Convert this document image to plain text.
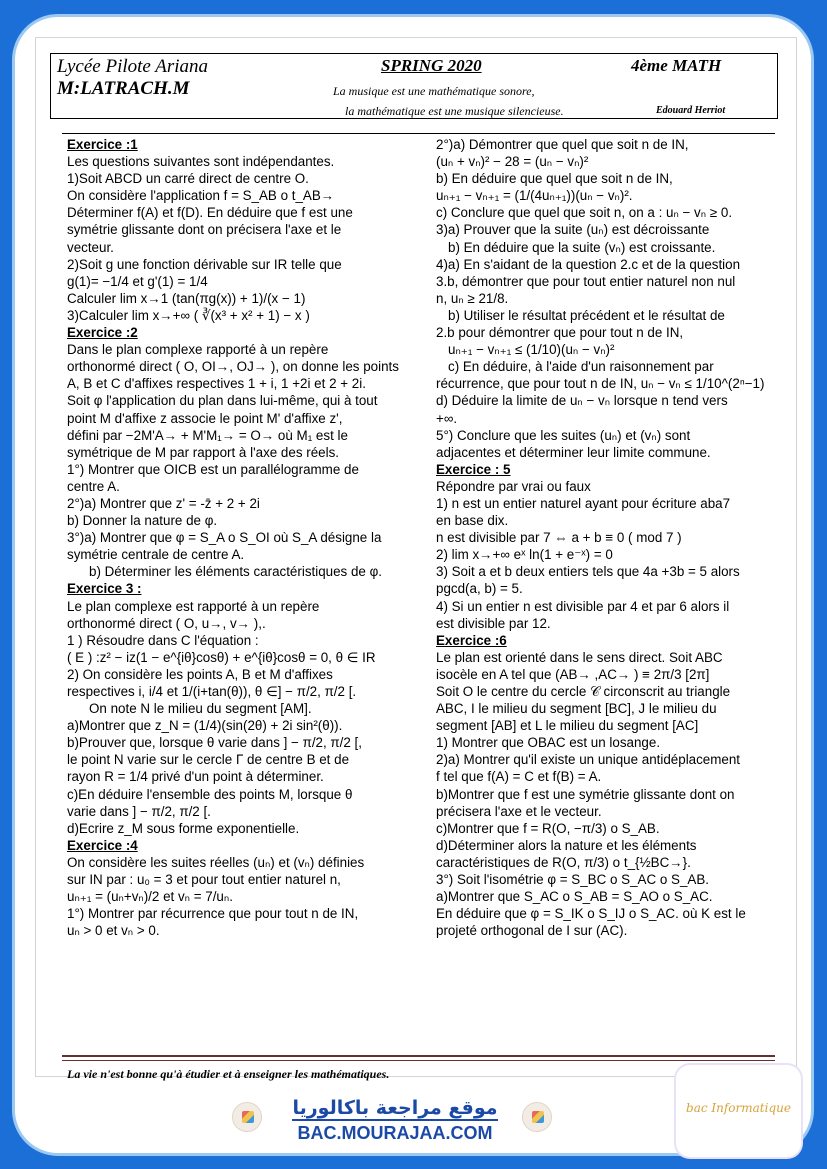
Lycée Pilote Ariana	SPRING 2020	4ème MATH
M:LATRACH.M	La musique est une mathématique sonore,
la mathématique est une musique silencieuse.	Edouard Herriot

Exercice :1

Les questions suivantes sont indépendantes.

1)Soit ABCD un carré direct de centre O.

On considère l'application f = S_AB o t_AB→

Déterminer f(A) et f(D). En déduire que f est une

symétrie glissante dont on précisera l'axe et le

vecteur.

2)Soit g une fonction dérivable sur IR telle que

g(1)= −1/4 et g'(1) = 1/4

Calculer lim x→1 (tan(πg(x)) + 1)/(x − 1)

3)Calculer lim x→+∞ ( ∛(x³ + x² + 1) − x )

Exercice :2

Dans le plan complexe rapporté à un repère

orthonormé direct ( O, OI→, OJ→ ), on donne les points

A, B et C d'affixes respectives 1 + i, 1 +2i et 2 + 2i.

Soit φ l'application du plan dans lui-même, qui à tout

point M d'affixe z associe le point M' d'affixe z',

défini par −2M'A→ + M'M₁→ = O→ où M₁ est le

symétrique de M par rapport à l'axe des réels.

1°) Montrer que OICB est un parallélogramme de

centre A.

2°)a) Montrer que z' = -z̄ + 2 + 2i

b) Donner la nature de φ.

3°)a) Montrer que φ = S_A o S_OI où S_A désigne la

symétrie centrale de centre A.

b) Déterminer les éléments caractéristiques de φ.

Exercice 3 :

Le plan complexe est rapporté à un repère

orthonormé direct ( O, u→, v→ ),.

1 ) Résoudre dans C l'équation :

( E ) :z² − iz(1 − e^{iθ}cosθ) + e^{iθ}cosθ = 0, θ ∈ IR

2) On considère les points A, B et M d'affixes

respectives i, i/4 et 1/(i+tan(θ)), θ ∈] − π/2, π/2 [.

On note N le milieu du segment [AM].

a)Montrer que z_N = (1/4)(sin(2θ) + 2i sin²(θ)).

b)Prouver que, lorsque θ varie dans ] − π/2, π/2 [,

le point N varie sur le cercle Γ de centre B et de

rayon R = 1/4 privé d'un point à déterminer.

c)En déduire l'ensemble des points M, lorsque θ

varie dans ] − π/2, π/2 [.

d)Ecrire z_M sous forme exponentielle.

Exercice :4

On considère les suites réelles (uₙ) et (vₙ) définies

sur IN par : u₀ = 3 et pour tout entier naturel n,

uₙ₊₁ = (uₙ+vₙ)/2 et vₙ = 7/uₙ.

1°) Montrer par récurrence que pour tout n de IN,

uₙ > 0 et vₙ > 0.

2°)a) Démontrer que quel que soit n de IN,

(uₙ + vₙ)² − 28 = (uₙ − vₙ)²

b) En déduire que quel que soit n de IN,

uₙ₊₁ − vₙ₊₁ = (1/(4uₙ₊₁))(uₙ − vₙ)².

c) Conclure que quel que soit n, on a : uₙ − vₙ ≥ 0.

3)a) Prouver que la suite (uₙ) est décroissante

b) En déduire que la suite (vₙ) est croissante.

4)a) En s'aidant de la question 2.c et de la question

3.b, démontrer que pour tout entier naturel non nul

n, uₙ ≥ 21/8.

b) Utiliser le résultat précédent et le résultat de

2.b pour démontrer que pour tout n de IN,

uₙ₊₁ − vₙ₊₁ ≤ (1/10)(uₙ − vₙ)²

c) En déduire, à l'aide d'un raisonnement par

récurrence, que pour tout n de IN, uₙ − vₙ ≤ 1/10^(2ⁿ−1)

d) Déduire la limite de uₙ − vₙ lorsque n tend vers

+∞.

5°) Conclure que les suites (uₙ) et (vₙ) sont

adjacentes et déterminer leur limite commune.

Exercice : 5

Répondre par vrai ou faux

1) n est un entier naturel ayant pour écriture aba7

en base dix.

n est divisible par 7 ⇔ a + b ≡ 0 ( mod 7 )

2) lim x→+∞ eˣ ln(1 + e⁻ˣ) = 0

3) Soit a et b deux entiers tels que 4a +3b = 5 alors

pgcd(a, b) = 5.

4) Si un entier n est divisible par 4 et par 6 alors il

est divisible par 12.

Exercice :6

Le plan est orienté dans le sens direct. Soit ABC

isocèle en A tel que (AB→ ,AC→ ) ≡ 2π/3 [2π]

Soit O le centre du cercle 𝒞 circonscrit au triangle

ABC, I le milieu du segment [BC], J le milieu du

segment [AB] et L le milieu du segment [AC]

1) Montrer que OBAC est un losange.

2)a) Montrer qu'il existe un unique antidéplacement

f tel que f(A) = C et f(B) = A.

b)Montrer que f est une symétrie glissante dont on

précisera l'axe et le vecteur.

c)Montrer que f = R(O, −π/3) o S_AB.

d)Déterminer alors la nature et les éléments

caractéristiques de R(O, π/3) o t_{½BC→}.

3°) Soit l'isométrie φ = S_BC o S_AC o S_AB.

a)Montrer que S_AC o S_AB = S_AO o S_AC.

En déduire que φ = S_IK o S_IJ o S_AC. où K est le

projeté orthogonal de I sur (AC).

La vie n'est bonne qu'à étudier et à enseigner les mathématiques.
موقع مراجعة باكالوريا
BAC.MOURAJAA.COM
bac Informatique
